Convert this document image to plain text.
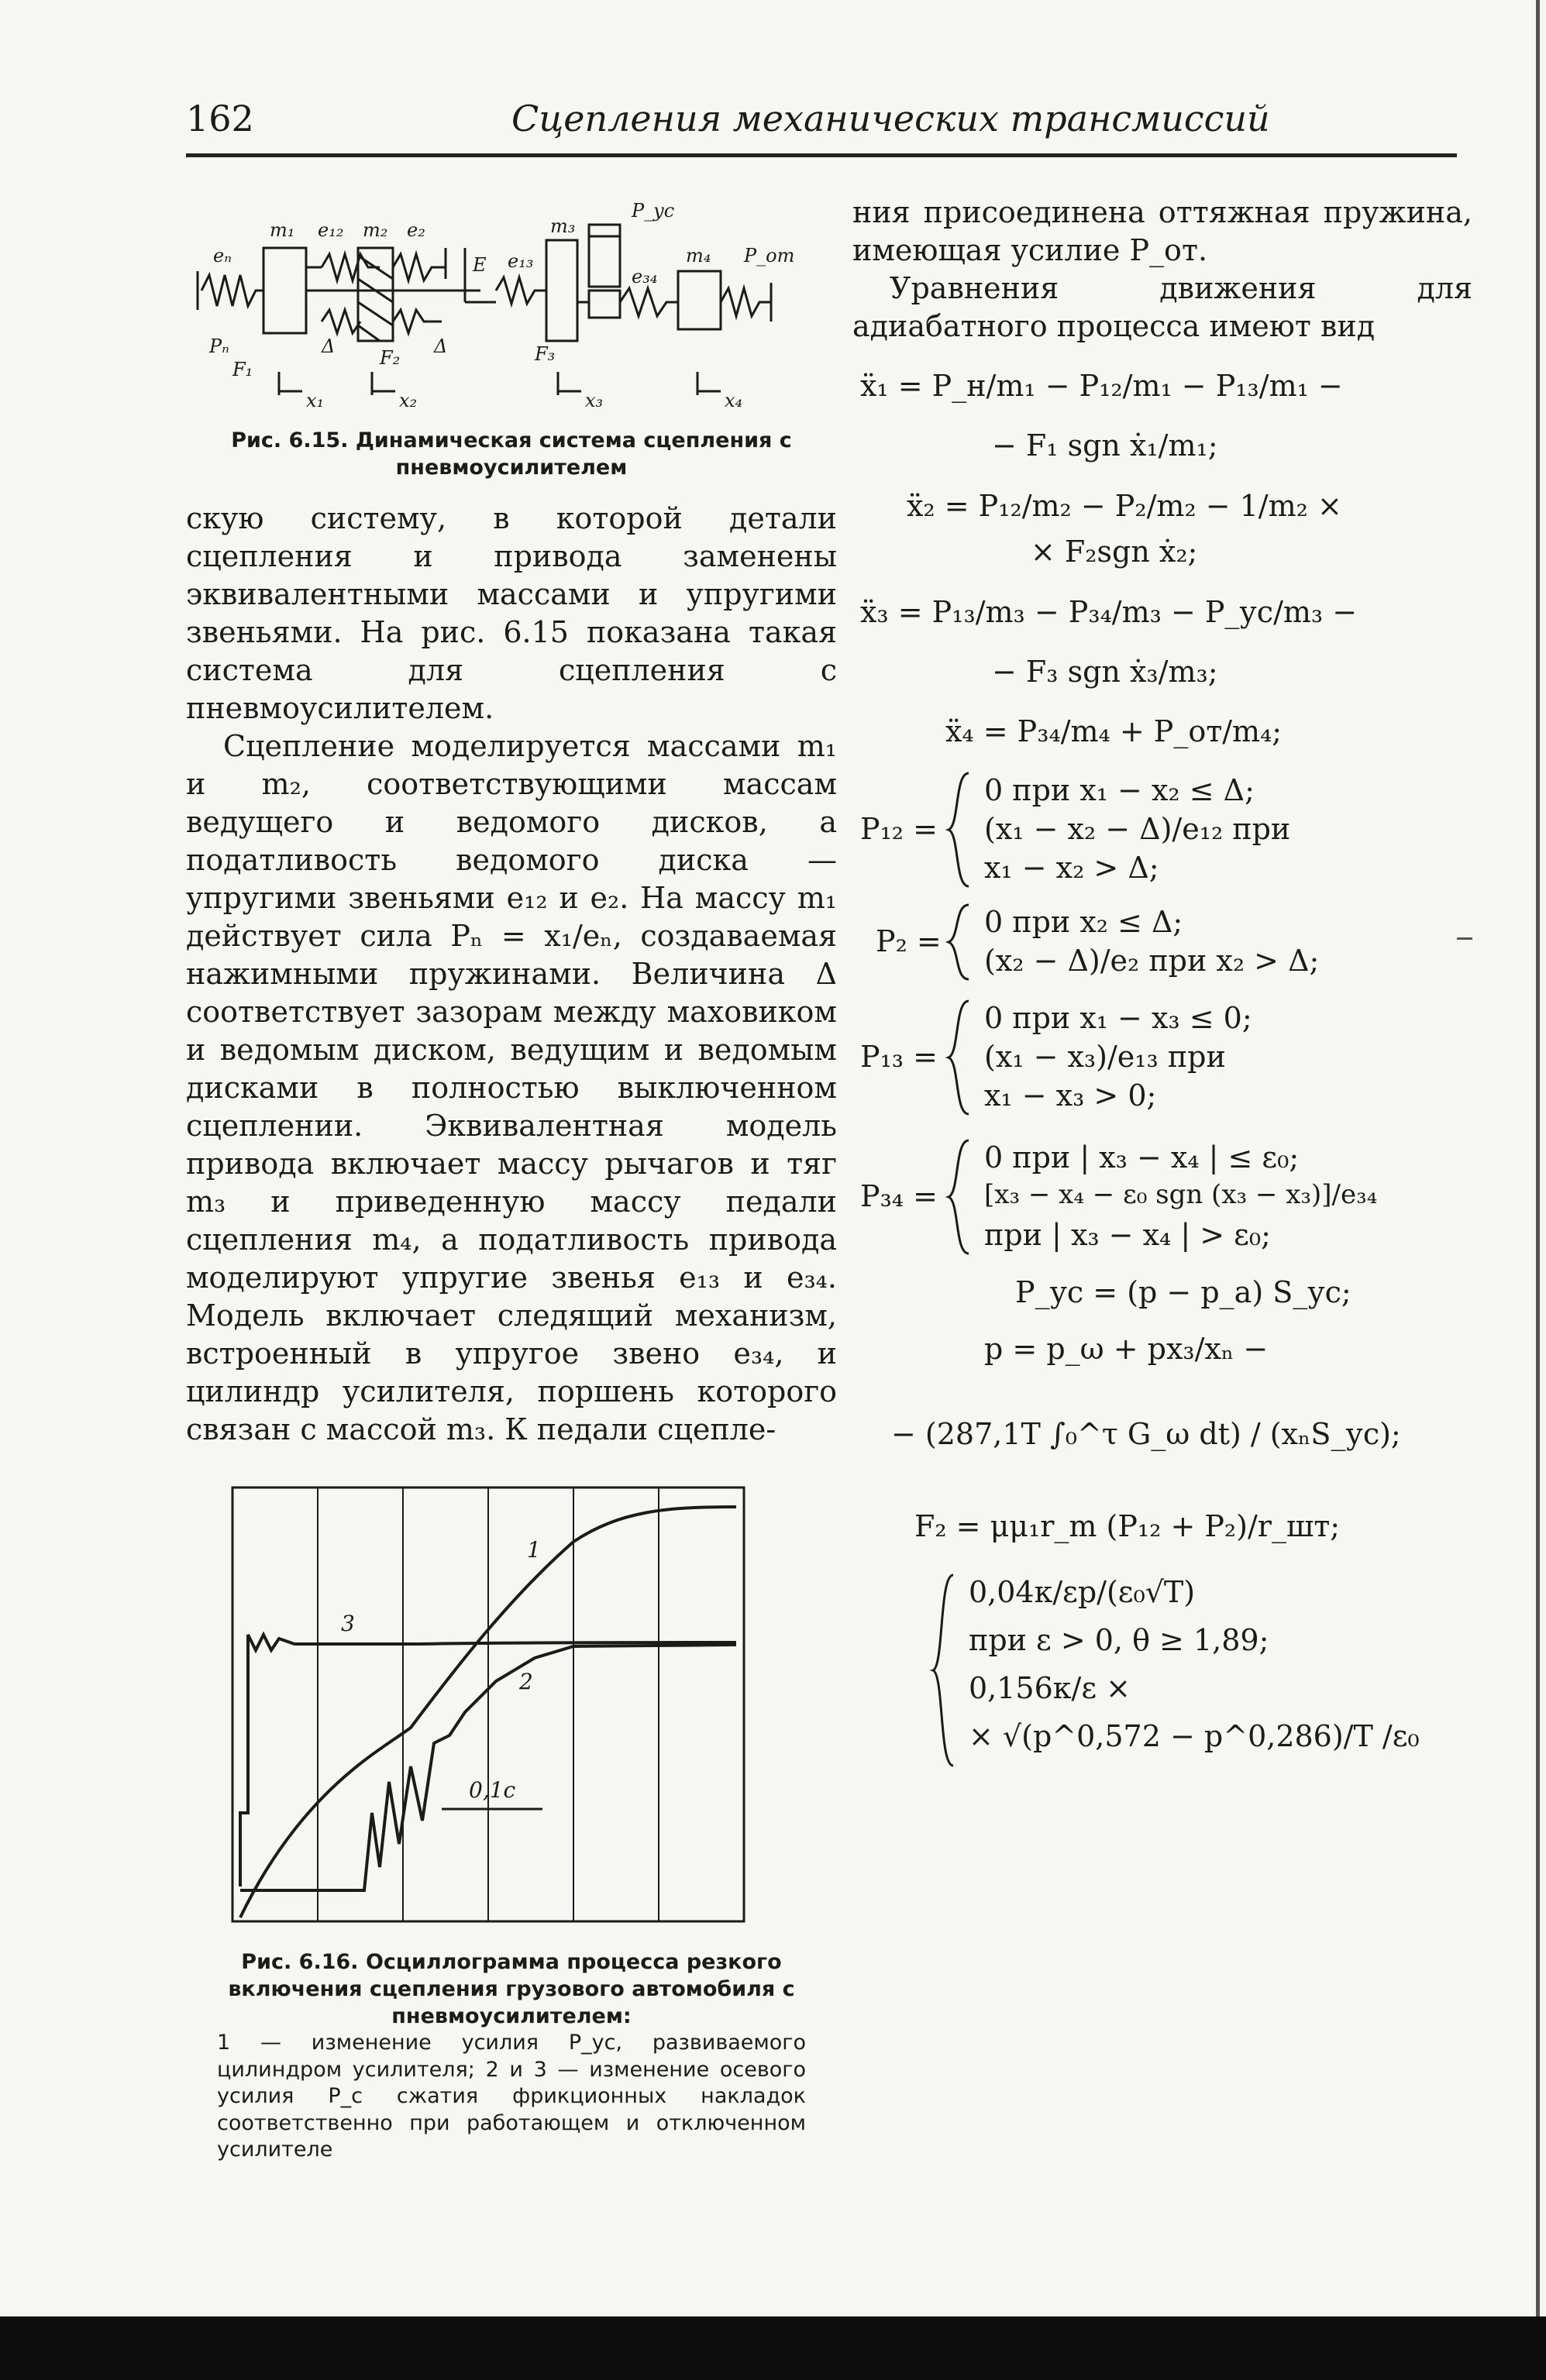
162	Сцепления механических трансмиссий
eₙ
m₁ e₁₂ m₂ e₂
E e₁₃
m₃
P_yc
e₃₄
m₄ P_от
Pₙ
F₁
Δ
F₂
Δ	F₃
x₁	x₂	x₃	x₄

Рис. 6.15. Динамическая система сцепления с пневмоусилителем

скую систему, в которой детали сцепления и привода заменены эквивалентными массами и упругими звеньями. На рис. 6.15 показана такая система для сцепления с пневмоусилителем.

Сцепление моделируется массами m₁ и m₂, соответствующими массам ведущего и ведомого дисков, а податливость ведомого диска — упругими звеньями e₁₂ и e₂. На массу m₁ действует сила Pₙ = x₁/eₙ, создаваемая нажимными пружинами. Величина Δ соответствует зазорам между маховиком и ведомым диском, ведущим и ведомым дисками в полностью выключенном сцеплении. Эквивалентная модель привода включает массу рычагов и тяг m₃ и приведенную массу педали сцепления m₄, а податливость привода моделируют упругие звенья e₁₃ и e₃₄. Модель включает следящий механизм, встроенный в упругое звено e₃₄, и цилиндр усилителя, поршень которого связан с массой m₃. К педали сцепле-

1
2
3
0,1с

Рис. 6.16. Осциллограмма процесса резкого включения сцепления грузового автомобиля с пневмоусилителем:

1 — изменение усилия P_yc, развиваемого цилиндром усилителя; 2 и 3 — изменение осевого усилия P_c сжатия фрикционных накладок соответственно при работающем и отключенном усилителе

ния присоединена оттяжная пружина, имеющая усилие P_от.

Уравнения движения для адиабатного процесса имеют вид

ẍ₁ = P_н/m₁ − P₁₂/m₁ − P₁₃/m₁ −
− F₁ sgn ẋ₁/m₁;
ẍ₂ = P₁₂/m₂ − P₂/m₂ − 1/m₂ ×
× F₂sgn ẋ₂;
ẍ₃ = P₁₃/m₃ − P₃₄/m₃ − P_ус/m₃ −
− F₃ sgn ẋ₃/m₃;
ẍ₄ = P₃₄/m₄ + P_от/m₄;
P₁₂ =
0 при x₁ − x₂ ≤ Δ;
(x₁ − x₂ − Δ)/e₁₂ при
x₁ − x₂ > Δ;
P₂ =
0 при x₂ ≤ Δ;
(x₂ − Δ)/e₂ при x₂ > Δ;
P₁₃ =
0 при x₁ − x₃ ≤ 0;
(x₁ − x₃)/e₁₃ при
x₁ − x₃ > 0;
P₃₄ =
0 при | x₃ − x₄ | ≤ ε₀;
[x₃ − x₄ − ε₀ sgn (x₃ − x₃)]/e₃₄
при | x₃ − x₄ | > ε₀;
P_ус = (p − p_а) S_ус;
p = p_ω + px₃/xₙ −
− (287,1T ∫₀^τ G_ω dt) / (xₙS_ус);
F₂ = μμ₁r_m (P₁₂ + P₂)/r_шт;
0,04κ/εp/(ε₀√T)
при ε > 0, θ ≥ 1,89;
0,156κ/ε ×
× √(p^0,572 − p^0,286)/T /ε₀
